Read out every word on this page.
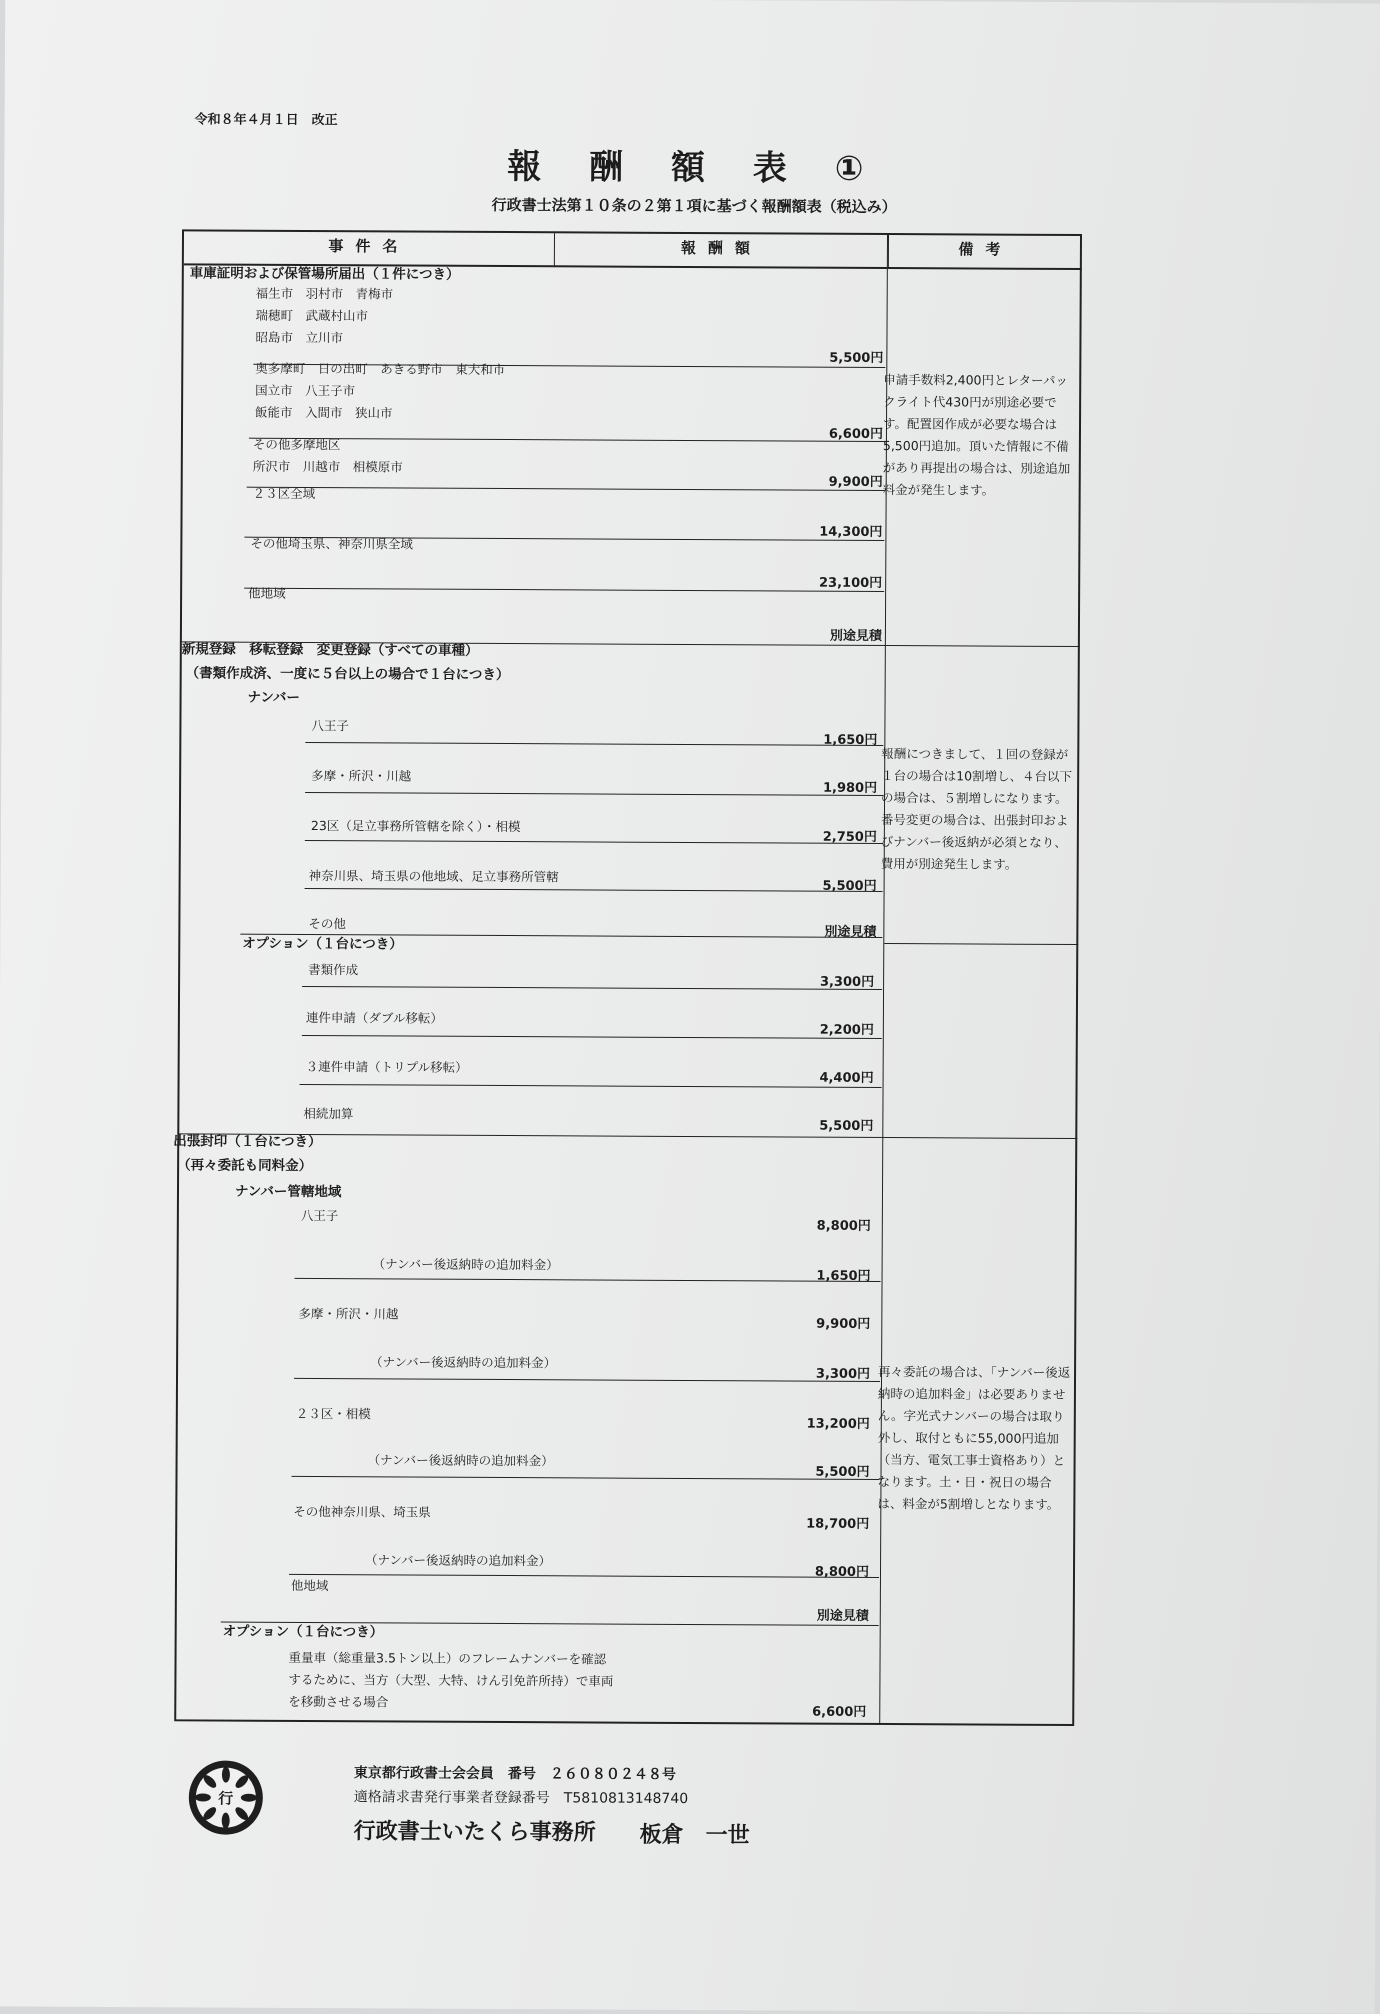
令和８年４月１日　改正
報 酬 額 表 ①
行政書士法第１０条の２第１項に基づく報酬額表（税込み）
事件名	報酬額	備考
車庫証明および保管場所届出（１件につき）
福生市　羽村市　青梅市
瑞穂町　武蔵村山市
昭島市　立川市
5,500円
奥多摩町　日の出町　あきる野市　東大和市
国立市　八王子市
飯能市　入間市　狭山市
6,600円
その他多摩地区
所沢市　川越市　相模原市
9,900円
２３区全域
14,300円
その他埼玉県、神奈川県全域
23,100円
他地域
別途見積
申請手数料2,400円とレターパックライト代430円が別途必要です。配置図作成が必要な場合は5,500円追加。頂いた情報に不備があり再提出の場合は、別途追加料金が発生します。
新規登録　移転登録　変更登録（すべての車種）
（書類作成済、一度に５台以上の場合で１台につき）
ナンバー
八王子
1,650円
多摩・所沢・川越
1,980円
23区（足立事務所管轄を除く）・相模
2,750円
神奈川県、埼玉県の他地域、足立事務所管轄
5,500円
その他
別途見積
報酬につきまして、１回の登録が１台の場合は10割増し、４台以下の場合は、５割増しになります。番号変更の場合は、出張封印およびナンバー後返納が必須となり、費用が別途発生します。
オプション（１台につき）
書類作成
3,300円
連件申請（ダブル移転）
2,200円
３連件申請（トリプル移転）
4,400円
相続加算
5,500円
出張封印（１台につき）
（再々委託も同料金）
ナンバー管轄地域
八王子
8,800円
（ナンバー後返納時の追加料金）
1,650円
多摩・所沢・川越
9,900円
（ナンバー後返納時の追加料金）
3,300円
２３区・相模
13,200円
（ナンバー後返納時の追加料金）
5,500円
その他神奈川県、埼玉県
18,700円
（ナンバー後返納時の追加料金）
8,800円
他地域
別途見積
再々委託の場合は、「ナンバー後返納時の追加料金」は必要ありません。字光式ナンバーの場合は取り外し、取付ともに55,000円追加（当方、電気工事士資格あり）となります。土・日・祝日の場合は、料金が5割増しとなります。
オプション（１台につき）
重量車（総重量3.5トン以上）のフレームナンバーを確認
するために、当方（大型、大特、けん引免許所持）で車両
を移動させる場合
6,600円
行
東京都行政書士会会員　番号　２６０８０２４８号
適格請求書発行事業者登録番号　T5810813148740
行政書士いたくら事務所 板倉　一世
